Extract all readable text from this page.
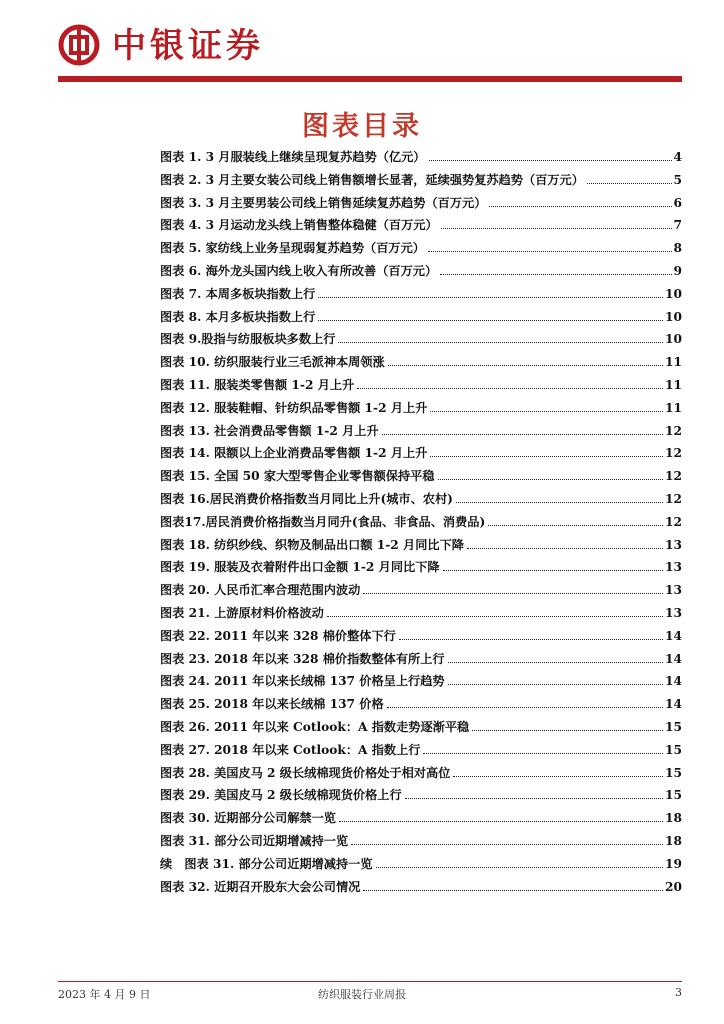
中银证券
图表目录
图表 1. 3 月服装线上继续呈现复苏趋势（亿元）	4
图表 2. 3 月主要女装公司线上销售额增长显著，延续强势复苏趋势（百万元）	5
图表 3. 3 月主要男装公司线上销售延续复苏趋势（百万元）	6
图表 4. 3 月运动龙头线上销售整体稳健（百万元）	7
图表 5. 家纺线上业务呈现弱复苏趋势（百万元）	8
图表 6. 海外龙头国内线上收入有所改善（百万元）	9
图表 7. 本周多板块指数上行	10
图表 8. 本月多板块指数上行	10
图表 9.股指与纺服板块多数上行	10
图表 10. 纺织服装行业三毛派神本周领涨	11
图表 11. 服装类零售额 1-2 月上升	11
图表 12. 服装鞋帽、针纺织品零售额 1-2 月上升	11
图表 13. 社会消费品零售额 1-2 月上升	12
图表 14. 限额以上企业消费品零售额 1-2 月上升	12
图表 15. 全国 50 家大型零售企业零售额保持平稳	12
图表 16.居民消费价格指数当月同比上升(城市、农村)	12
图表17.居民消费价格指数当月同升(食品、非食品、消费品)	12
图表 18. 纺织纱线、织物及制品出口额 1-2 月同比下降	13
图表 19. 服装及衣着附件出口金额 1-2 月同比下降	13
图表 20. 人民币汇率合理范围内波动	13
图表 21. 上游原材料价格波动	13
图表 22. 2011 年以来 328 棉价整体下行	14
图表 23. 2018 年以来 328 棉价指数整体有所上行	14
图表 24. 2011 年以来长绒棉 137 价格呈上行趋势	14
图表 25. 2018 年以来长绒棉 137 价格	14
图表 26. 2011 年以来 Cotlook：A 指数走势逐渐平稳	15
图表 27. 2018 年以来 Cotlook：A 指数上行	15
图表 28. 美国皮马 2 级长绒棉现货价格处于相对高位	15
图表 29. 美国皮马 2 级长绒棉现货价格上行	15
图表 30. 近期部分公司解禁一览	18
图表 31. 部分公司近期增减持一览	18
续　图表 31. 部分公司近期增减持一览	19
图表 32. 近期召开股东大会公司情况	20
2023 年 4 月 9 日	纺织服装行业周报	3
